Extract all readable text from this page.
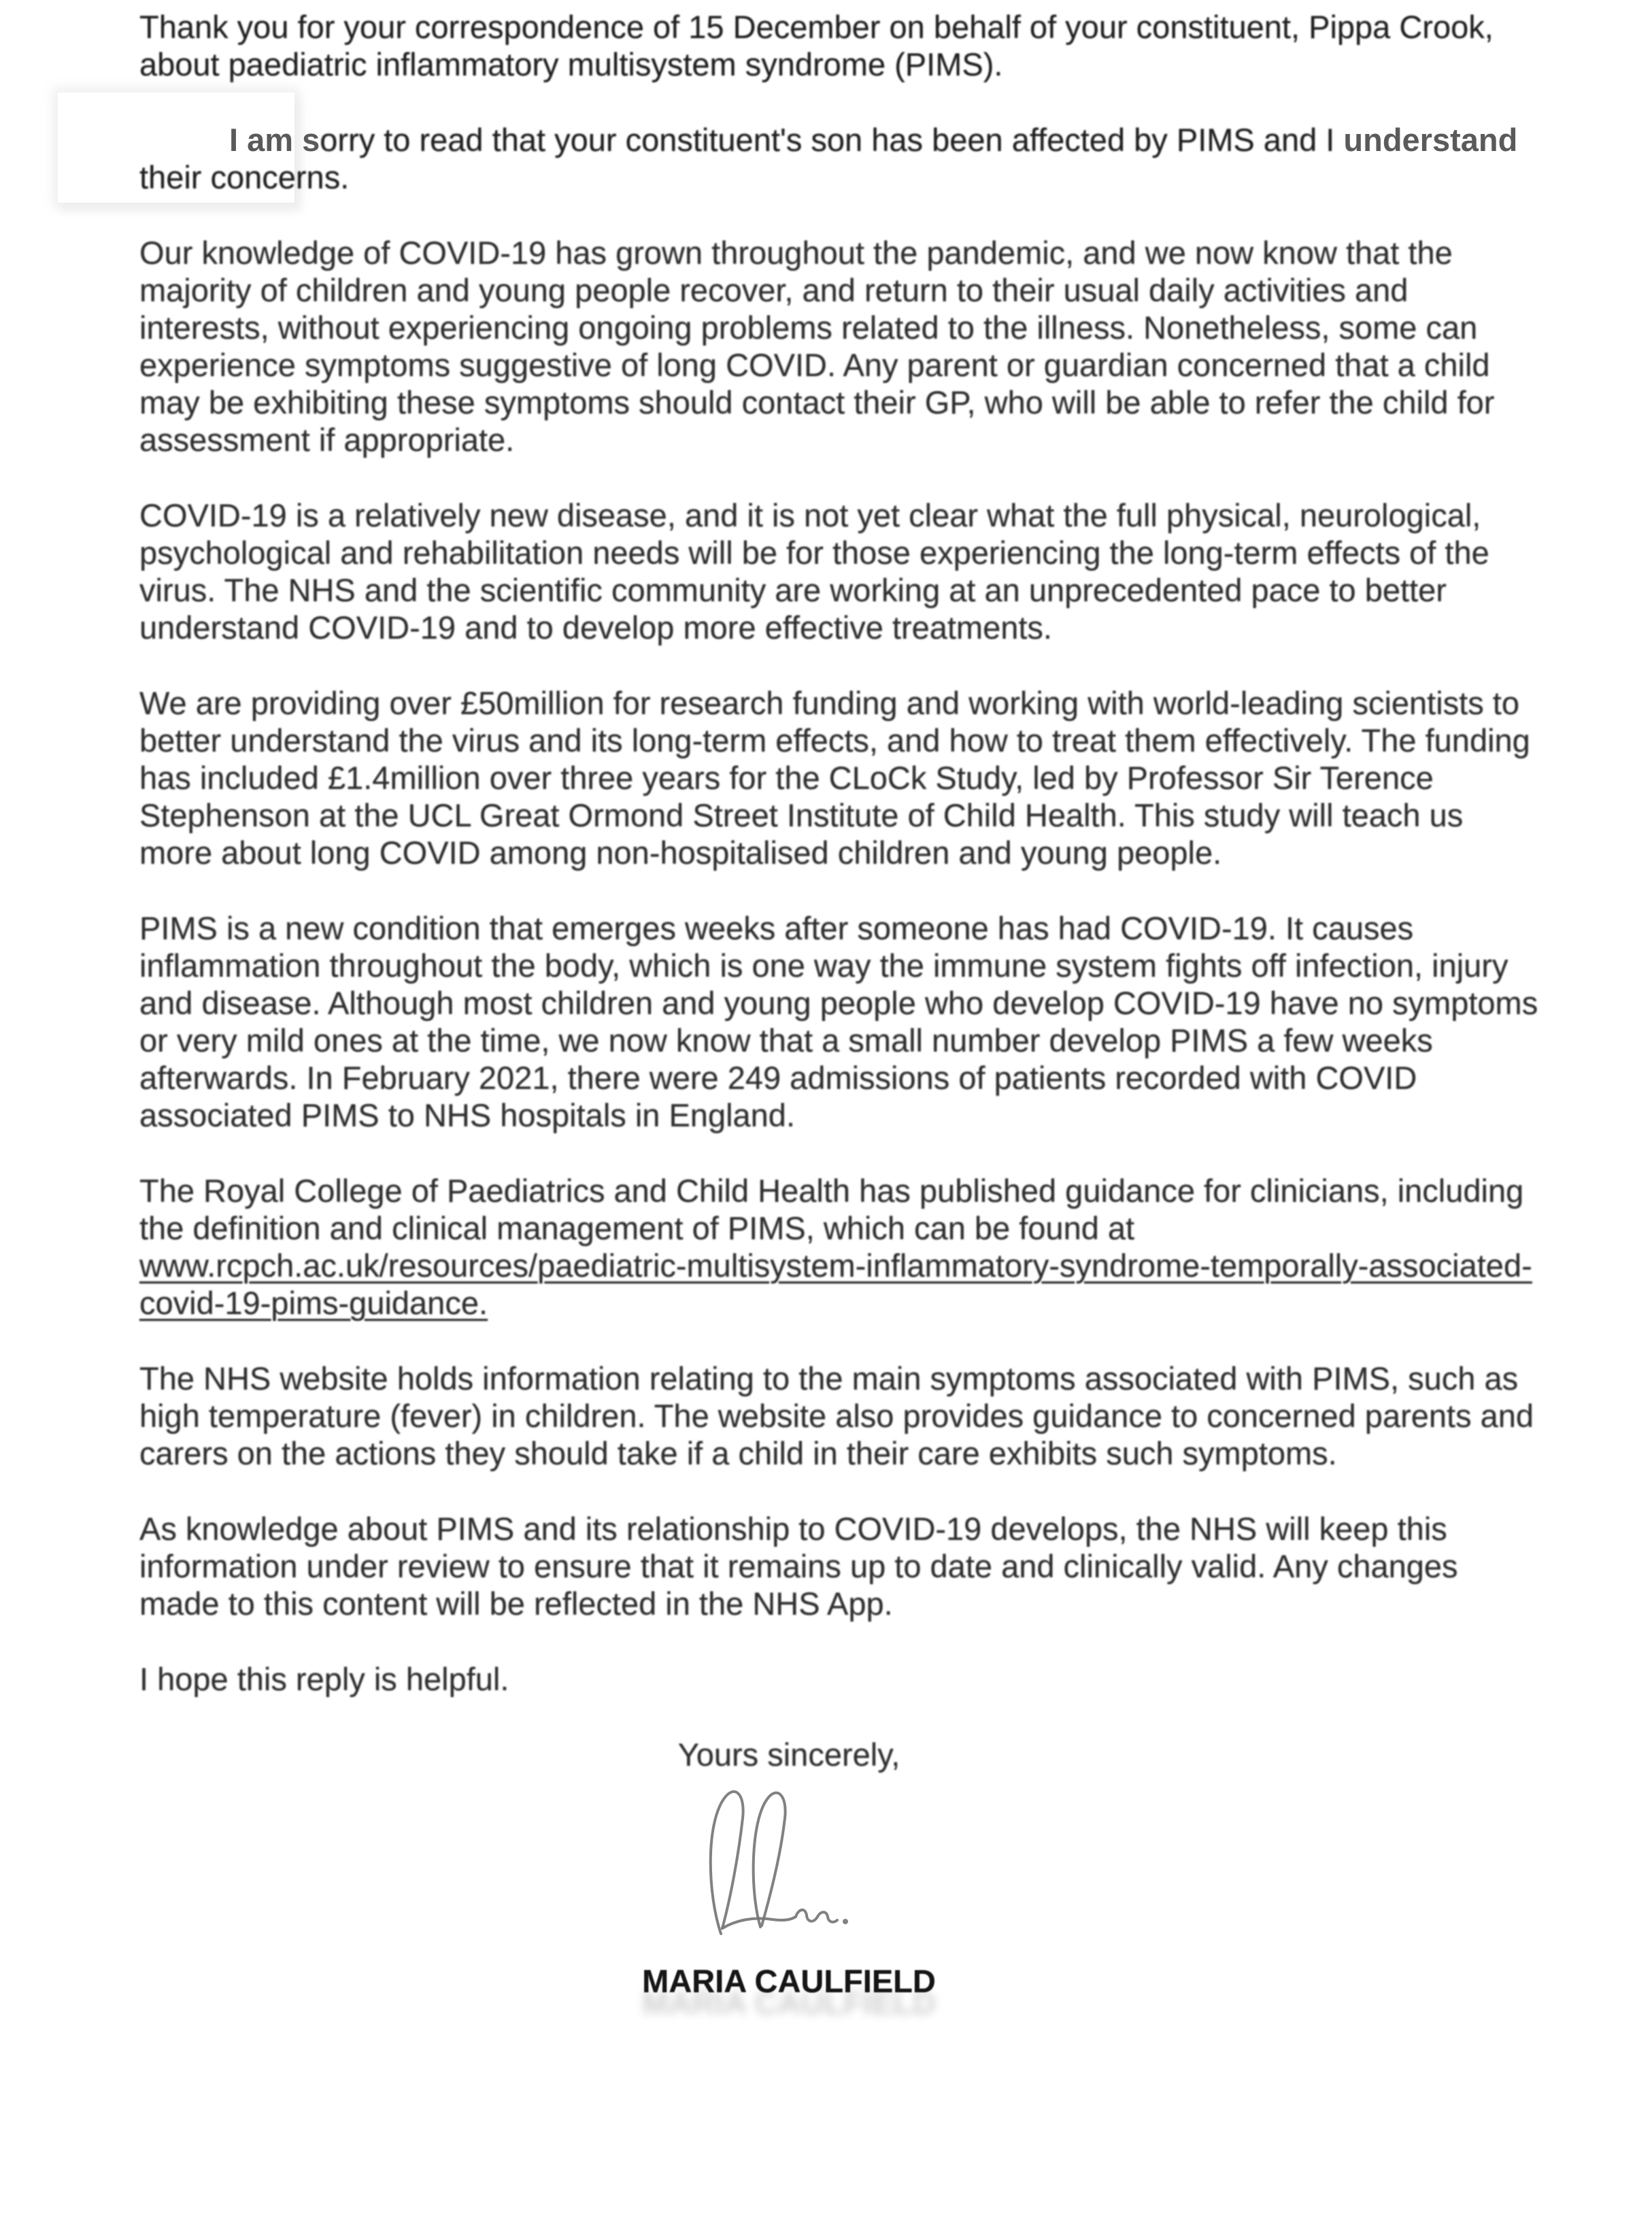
Thank you for your correspondence of 15 December on behalf of your constituent, Pippa Crook, about paediatric inflammatory multisystem syndrome (PIMS).

I am sorry to read that your constituent's son has been affected by PIMS and I understand their concerns.

Our knowledge of COVID-19 has grown throughout the pandemic, and we now know that the majority of children and young people recover, and return to their usual daily activities and interests, without experiencing ongoing problems related to the illness. Nonetheless, some can experience symptoms suggestive of long COVID. Any parent or guardian concerned that a child may be exhibiting these symptoms should contact their GP, who will be able to refer the child for assessment if appropriate.

COVID-19 is a relatively new disease, and it is not yet clear what the full physical, neurological, psychological and rehabilitation needs will be for those experiencing the long-term effects of the virus. The NHS and the scientific community are working at an unprecedented pace to better understand COVID-19 and to develop more effective treatments.

We are providing over £50million for research funding and working with world-leading scientists to better understand the virus and its long-term effects, and how to treat them effectively. The funding has included £1.4million over three years for the CLoCk Study, led by Professor Sir Terence Stephenson at the UCL Great Ormond Street Institute of Child Health. This study will teach us more about long COVID among non-hospitalised children and young people.

PIMS is a new condition that emerges weeks after someone has had COVID-19. It causes inflammation throughout the body, which is one way the immune system fights off infection, injury and disease. Although most children and young people who develop COVID-19 have no symptoms or very mild ones at the time, we now know that a small number develop PIMS a few weeks afterwards. In February 2021, there were 249 admissions of patients recorded with COVID associated PIMS to NHS hospitals in England.

The Royal College of Paediatrics and Child Health has published guidance for clinicians, including the definition and clinical management of PIMS, which can be found at www.rcpch.ac.uk/resources/paediatric-multisystem-inflammatory-syndrome-temporally-associated-covid-19-pims-guidance.

The NHS website holds information relating to the main symptoms associated with PIMS, such as high temperature (fever) in children. The website also provides guidance to concerned parents and carers on the actions they should take if a child in their care exhibits such symptoms.

As knowledge about PIMS and its relationship to COVID-19 develops, the NHS will keep this information under review to ensure that it remains up to date and clinically valid. Any changes made to this content will be reflected in the NHS App.

I hope this reply is helpful.

Yours sincerely,

MARIA CAULFIELD
